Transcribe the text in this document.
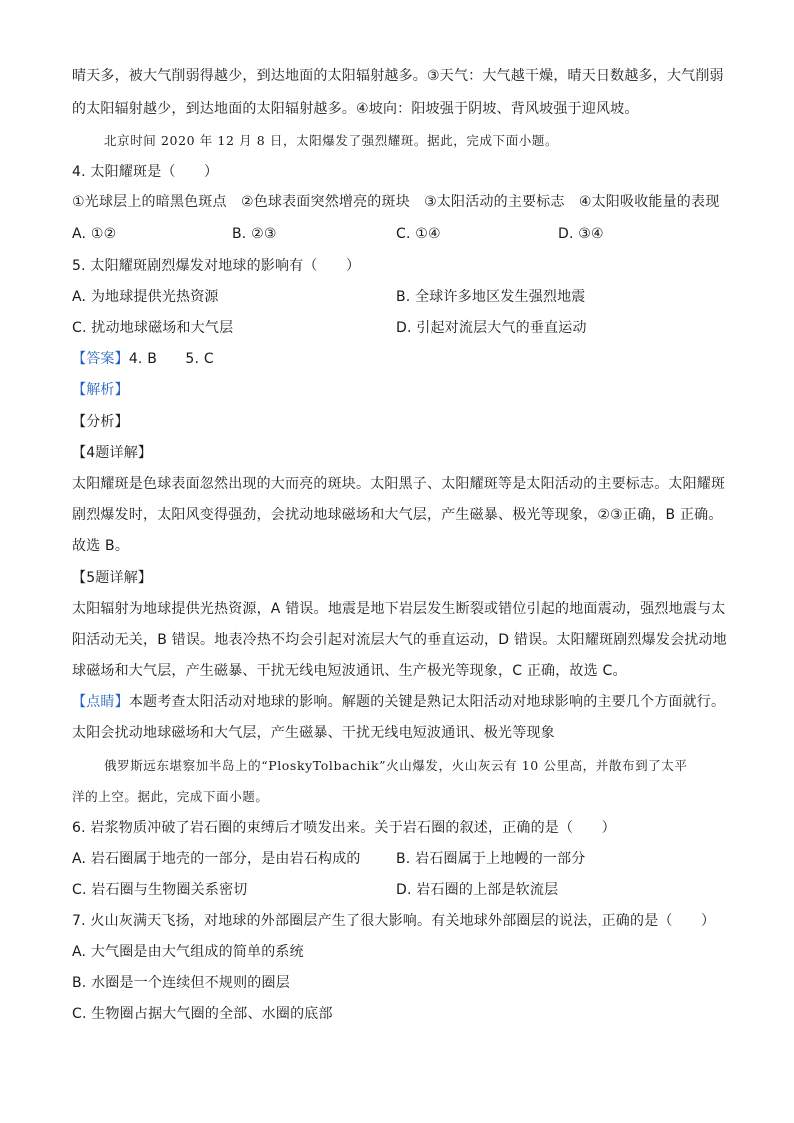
晴天多，被大气削弱得越少，到达地面的太阳辐射越多。③天气：大气越干燥，晴天日数越多，大气削弱
的太阳辐射越少，到达地面的太阳辐射越多。④坡向：阳坡强于阴坡、背风坡强于迎风坡。
北京时间 2020 年 12 月 8 日，太阳爆发了强烈耀斑。据此，完成下面小题。
4. 太阳耀斑是（　　）
①光球层上的暗黑色斑点　②色球表面突然增亮的斑块　③太阳活动的主要标志　④太阳吸收能量的表现
A. ①②	B. ②③	C. ①④	D. ③④
5. 太阳耀斑剧烈爆发对地球的影响有（　　）
A. 为地球提供光热资源	B. 全球许多地区发生强烈地震
C. 扰动地球磁场和大气层	D. 引起对流层大气的垂直运动
【答案】4. B　　5. C
【解析】
【分析】
【4题详解】
太阳耀斑是色球表面忽然出现的大而亮的斑块。太阳黑子、太阳耀斑等是太阳活动的主要标志。太阳耀斑
剧烈爆发时，太阳风变得强劲，会扰动地球磁场和大气层，产生磁暴、极光等现象，②③正确，B 正确。
故选 B。
【5题详解】
太阳辐射为地球提供光热资源，A 错误。地震是地下岩层发生断裂或错位引起的地面震动，强烈地震与太
阳活动无关，B 错误。地表冷热不均会引起对流层大气的垂直运动，D 错误。太阳耀斑剧烈爆发会扰动地
球磁场和大气层，产生磁暴、干扰无线电短波通讯、生产极光等现象，C 正确，故选 C。
【点睛】本题考查太阳活动对地球的影响。解题的关键是熟记太阳活动对地球影响的主要几个方面就行。
太阳会扰动地球磁场和大气层，产生磁暴、干扰无线电短波通讯、极光等现象
俄罗斯远东堪察加半岛上的“PloskyTolbachik”火山爆发，火山灰云有 10 公里高，并散布到了太平
洋的上空。据此，完成下面小题。
6. 岩浆物质冲破了岩石圈的束缚后才喷发出来。关于岩石圈的叙述，正确的是（　　）
A. 岩石圈属于地壳的一部分，是由岩石构成的	B. 岩石圈属于上地幔的一部分
C. 岩石圈与生物圈关系密切	D. 岩石圈的上部是软流层
7. 火山灰满天飞扬，对地球的外部圈层产生了很大影响。有关地球外部圈层的说法，正确的是（　　）
A. 大气圈是由大气组成的简单的系统
B. 水圈是一个连续但不规则的圈层
C. 生物圈占据大气圈的全部、水圈的底部
